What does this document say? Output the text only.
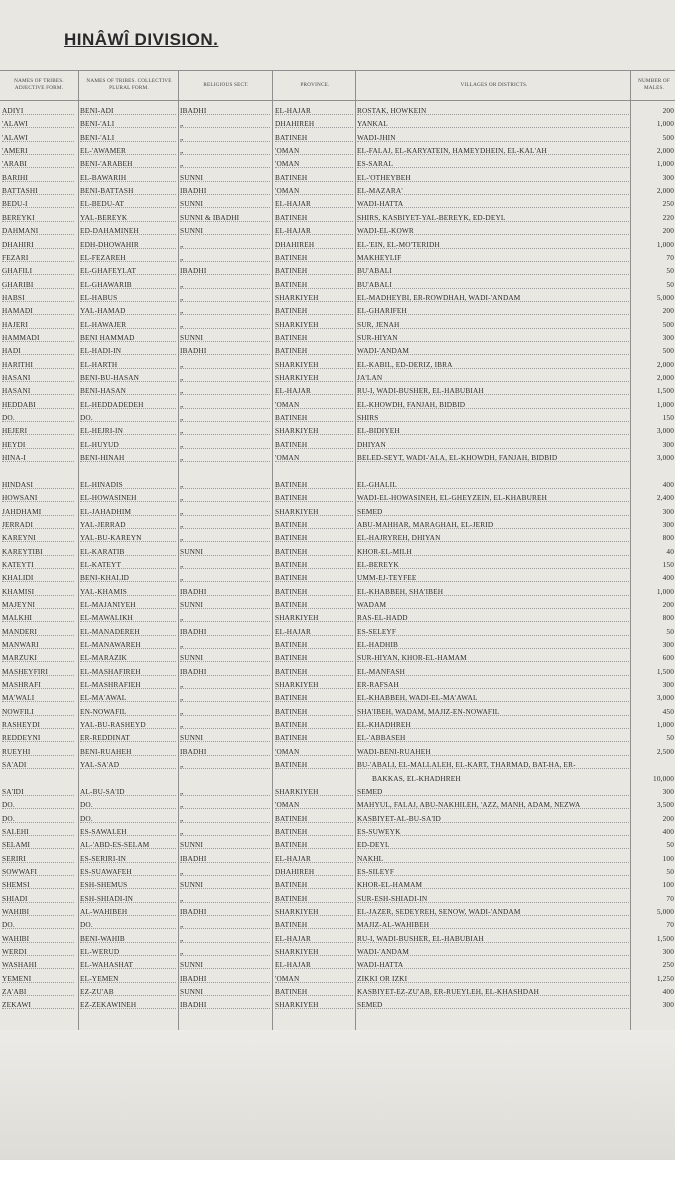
HINÂWÎ DIVISION.
NAMES OF TRIBES. ADJECTIVE FORM.
NAMES OF TRIBES. COLLECTIVE PLURAL FORM.	RELIGIOUS SECT.	PROVINCE.	VILLAGES OR DISTRICTS.
NUMBER OF MALES.
ADIYI	BENI-ADI	IBADHI	EL-HAJAR	ROSTAK, HOWKEIN	200
'ALAWI	BENI-'ALI	„	DHAHIREH	YANKAL	1,000
'ALAWI	BENI-'ALI	„	BATINEH	WADI-JHIN	500
'AMERI	EL-'AWAMER	„	'OMAN	EL-FALAJ, EL-KARYATEIN, HAMEYDHEIN, EL-KAL'AH	2,000
'ARABI	BENI-'ARABEH	„	'OMAN	ES-SARAL	1,000
BARIHI	EL-BAWARIH	SUNNI	BATINEH	EL-'OTHEYBEH	300
BATTASHI	BENI-BATTASH	IBADHI	'OMAN	EL-MAZARA'	2,000
BEDU-I	EL-BEDU-AT	SUNNI	EL-HAJAR	WADI-HATTA	250
BEREYKI	YAL-BEREYK	SUNNI & IBADHI	BATINEH	SHIRS, KASBIYET-YAL-BEREYK, ED-DEYL	220
DAHMANI	ED-DAHAMINEH	SUNNI	EL-HAJAR	WADI-EL-KOWR	200
DHAHIRI	EDH-DHOWAHIR	„	DHAHIREH	EL-'EIN, EL-MO'TERIDH	1,000
FEZARI	EL-FEZAREH	„	BATINEH	MAKHEYLIF	70
GHAFILI	EL-GHAFEYLAT	IBADHI	BATINEH	BU'ABALI	50
GHARIBI	EL-GHAWARIB	„	BATINEH	BU'ABALI	50
HABSI	EL-HABUS	„	SHARKIYEH	EL-MADHEYBI, ER-ROWDHAH, WADI-'ANDAM	5,000
HAMADI	YAL-HAMAD	„	BATINEH	EL-GHARIFEH	200
HAJERI	EL-HAWAJER	„	SHARKIYEH	SUR, JENAH	500
HAMMADI	BENI HAMMAD	SUNNI	BATINEH	SUR-HIYAN	300
HADI	EL-HADI-IN	IBADHI	BATINEH	WADI-'ANDAM	500
HARITHI	EL-HARTH	„	SHARKIYEH	EL-KABIL, ED-DERIZ, IBRA	2,000
HASANI	BENI-BU-HASAN	„	SHARKIYEH	JA'LAN	2,000
HASANI	BENI-HASAN	„	EL-HAJAR	RU-I, WADI-BUSHER, EL-HABUBIAH	1,500
HEDDABI	EL-HEDDADEDEH	„	'OMAN	EL-KHOWDH, FANJAH, BIDBID	1,000
DO.	DO.	„	BATINEH	SHIRS	150
HEJERI	EL-HEJRI-IN	„	SHARKIYEH	EL-BIDIYEH	3,000
HEYDI	EL-HUYUD	„	BATINEH	DHIYAN	300
HINA-I	BENI-HINAH	„	'OMAN	BELED-SEYT, WADI-'ALA, EL-KHOWDH, FANJAH, BIDBID	3,000
HINDASI	EL-HINADIS	„	BATINEH	EL-GHALIL	400
HOWSANI	EL-HOWASINEH	„	BATINEH	WADI-EL-HOWASINEH, EL-GHEYZEIN, EL-KHABUREH	2,400
JAHDHAMI	EL-JAHADHIM	„	SHARKIYEH	SEMED	300
JERRADI	YAL-JERRAD	„	BATINEH	ABU-MAHHAR, MARAGHAH, EL-JERID	300
KAREYNI	YAL-BU-KAREYN	„	BATINEH	EL-HAJRYREH, DHIYAN	800
KAREYTIBI	EL-KARATIB	SUNNI	BATINEH	KHOR-EL-MILH	40
KATEYTI	EL-KATEYT	„	BATINEH	EL-BEREYK	150
KHALIDI	BENI-KHALID	„	BATINEH	UMM-EJ-TEYFEE	400
KHAMISI	YAL-KHAMIS	IBADHI	BATINEH	EL-KHABBEH, SHA'IBEH	1,000
MAJEYNI	EL-MAJANIYEH	SUNNI	BATINEH	WADAM	200
MALKHI	EL-MAWALIKH	„	SHARKIYEH	RAS-EL-HADD	800
MANDERI	EL-MANADEREH	IBADHI	EL-HAJAR	ES-SELEYF	50
MANWARI	EL-MANAWAREH	„	BATINEH	EL-HADHIB	300
MARZUKI	EL-MARAZIK	SUNNI	BATINEH	SUR-HIYAN, KHOR-EL-HAMAM	600
MASHEYFIRI	EL-MASHAFIREH	IBADHI	BATINEH	EL-MANFASH	1,500
MASHRAFI	EL-MASHRAFIEH	„	SHARKIYEH	ER-RAFSAH	300
MA'WALI	EL-MA'AWAL	„	BATINEH	EL-KHABBEH, WADI-EL-MA'AWAL	3,000
NOWFILI	EN-NOWAFIL	„	BATINEH	SHA'IBEH, WADAM, MAJIZ-EN-NOWAFIL	450
RASHEYDI	YAL-BU-RASHEYD	„	BATINEH	EL-KHADHREH	1,000
REDDEYNI	ER-REDDINAT	SUNNI	BATINEH	EL-'ABBASEH	50
RUEYHI	BENI-RUAHEH	IBADHI	'OMAN	WADI-BENI-RUAHEH	2,500
SA'ADI	YAL-SA'AD	„	BATINEH	BU-'ABALI, EL-MALLALEH, EL-KART, THARMAD, BAT-HA, ER-
BAKKAS, EL-KHADHREH	10,000
SA'IDI	AL-BU-SA'ID	„	SHARKIYEH	SEMED	300
DO.	DO.	„	'OMAN	MAHYUL, FALAJ, ABU-NAKHILEH, 'AZZ, MANH, ADAM, NEZWA	3,500
DO.	DO.	„	BATINEH	KASBIYET-AL-BU-SA'ID	200
SALEHI	ES-SAWALEH	„	BATINEH	ES-SUWEYK	400
SELAMI	AL-'ABD-ES-SELAM	SUNNI	BATINEH	ED-DEYL	50
SERIRI	ES-SERIRI-IN	IBADHI	EL-HAJAR	NAKHL	100
SOWWAFI	ES-SUAWAFEH	„	DHAHIREH	ES-SILEYF	50
SHEMSI	ESH-SHEMUS	SUNNI	BATINEH	KHOR-EL-HAMAM	100
SHIADI	ESH-SHIADI-IN	„	BATINEH	SUR-ESH-SHIADI-IN	70
WAHIBI	AL-WAHIBEH	IBADHI	SHARKIYEH	EL-JAZER, SEDEYREH, SENOW, WADI-'ANDAM	5,000
DO.	DO.	„	BATINEH	MAJIZ-AL-WAHIBEH	70
WAHIBI	BENI-WAHIB	„	EL-HAJAR	RU-I, WADI-BUSHER, EL-HABUBIAH	1,500
WERDI	EL-WERUD	„	SHARKIYEH	WADI-'ANDAM	300
WASHAHI	EL-WAHASHAT	SUNNI	EL-HAJAR	WADI-HATTA	250
YEMENI	EL-YEMEN	IBADHI	'OMAN	ZIKKI OR IZKI	1,250
ZA'ABI	EZ-ZU'AB	SUNNI	BATINEH	KASBIYET-EZ-ZU'AB, ER-RUEYLEH, EL-KHASHDAH	400
ZEKAWI	EZ-ZEKAWINEH	IBADHI	SHARKIYEH	SEMED	300
